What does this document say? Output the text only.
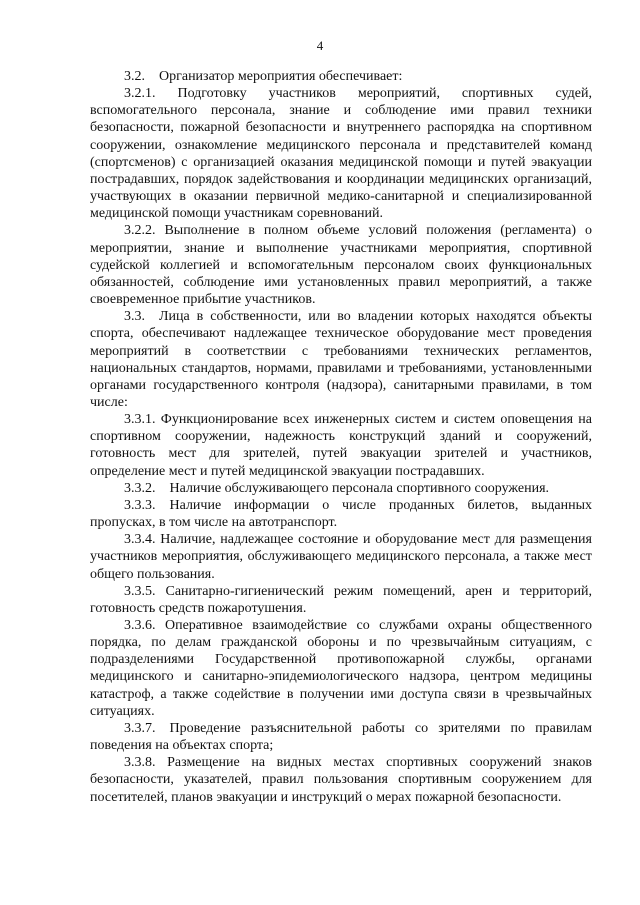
4

3.2. Организатор мероприятия обеспечивает:

3.2.1. Подготовку участников мероприятий, спортивных судей, вспомогательного персонала, знание и соблюдение ими правил техники безопасности, пожарной безопасности и внутреннего распорядка на спортивном сооружении, ознакомление медицинского персонала и представителей команд (спортсменов) с организацией оказания медицинской помощи и путей эвакуации пострадавших, порядок задействования и координации медицинских организаций, участвующих в оказании первичной медико-санитарной и специализированной медицинской помощи участникам соревнований.

3.2.2. Выполнение в полном объеме условий положения (регламента) о мероприятии, знание и выполнение участниками мероприятия, спортивной судейской коллегией и вспомогательным персоналом своих функциональных обязанностей, соблюдение ими установленных правил мероприятий, а также своевременное прибытие участников.

3.3. Лица в собственности, или во владении которых находятся объекты спорта, обеспечивают надлежащее техническое оборудование мест проведения мероприятий в соответствии с требованиями технических регламентов, национальных стандартов, нормами, правилами и требованиями, установленными органами государственного контроля (надзора), санитарными правилами, в том числе:

3.3.1. Функционирование всех инженерных систем и систем оповещения на спортивном сооружении, надежность конструкций зданий и сооружений, готовность мест для зрителей, путей эвакуации зрителей и участников, определение мест и путей медицинской эвакуации пострадавших.

3.3.2. Наличие обслуживающего персонала спортивного сооружения.

3.3.3. Наличие информации о числе проданных билетов, выданных пропусках, в том числе на автотранспорт.

3.3.4. Наличие, надлежащее состояние и оборудование мест для размещения участников мероприятия, обслуживающего медицинского персонала, а также мест общего пользования.

3.3.5. Санитарно-гигиенический режим помещений, арен и территорий, готовность средств пожаротушения.

3.3.6. Оперативное взаимодействие со службами охраны общественного порядка, по делам гражданской обороны и по чрезвычайным ситуациям, с подразделениями Государственной противопожарной службы, органами медицинского и санитарно-эпидемиологического надзора, центром медицины катастроф, а также содействие в получении ими доступа связи в чрезвычайных ситуациях.

3.3.7. Проведение разъяснительной работы со зрителями по правилам поведения на объектах спорта;

3.3.8. Размещение на видных местах спортивных сооружений знаков безопасности, указателей, правил пользования спортивным сооружением для посетителей, планов эвакуации и инструкций о мерах пожарной безопасности.
